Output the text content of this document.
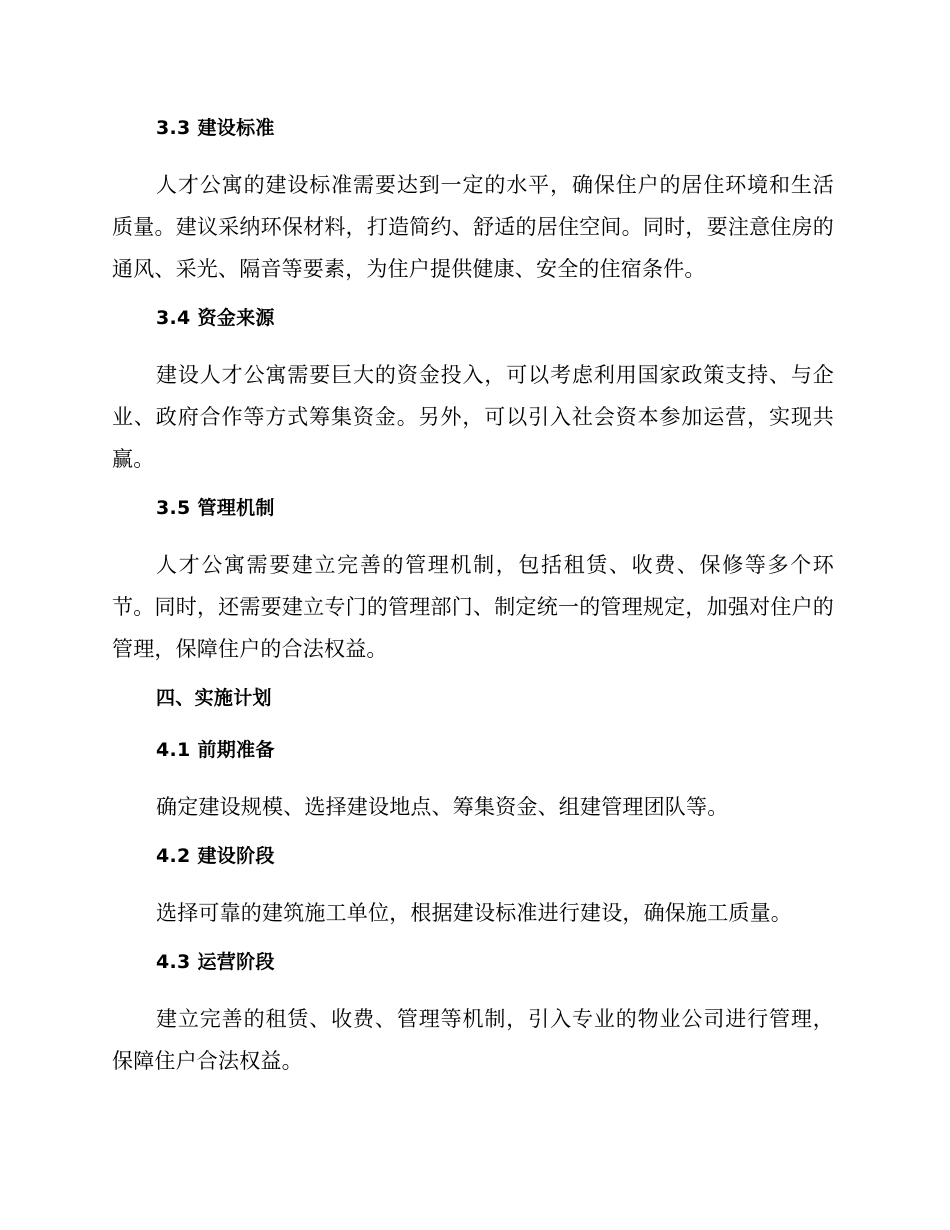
3.3 建设标准

人才公寓的建设标准需要达到一定的水平，确保住户的居住环境和生活质量。建议采纳环保材料，打造简约、舒适的居住空间。同时，要注意住房的通风、采光、隔音等要素，为住户提供健康、安全的住宿条件。

3.4 资金来源

建设人才公寓需要巨大的资金投入，可以考虑利用国家政策支持、与企业、政府合作等方式筹集资金。另外，可以引入社会资本参加运营，实现共赢。

3.5 管理机制

人才公寓需要建立完善的管理机制，包括租赁、收费、保修等多个环节。同时，还需要建立专门的管理部门、制定统一的管理规定，加强对住户的管理，保障住户的合法权益。

四、实施计划
4.1 前期准备

确定建设规模、选择建设地点、筹集资金、组建管理团队等。

4.2 建设阶段

选择可靠的建筑施工单位，根据建设标准进行建设，确保施工质量。

4.3 运营阶段

建立完善的租赁、收费、管理等机制，引入专业的物业公司进行管理，保障住户合法权益。
